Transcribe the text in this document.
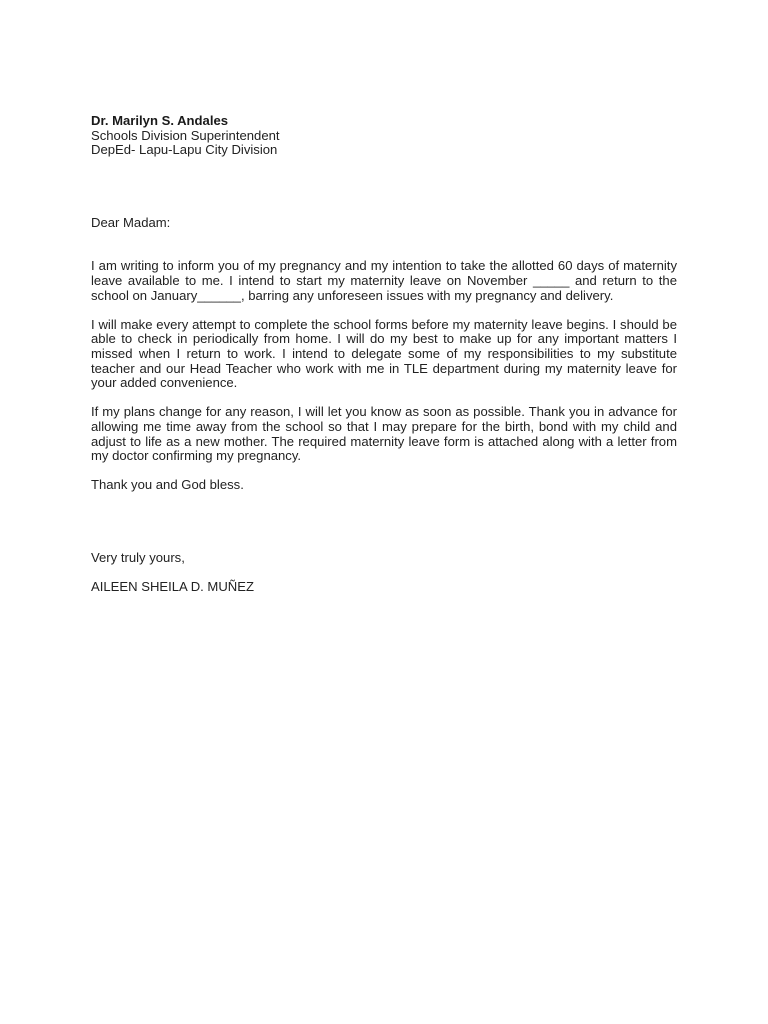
Dr. Marilyn S. Andales
Schools Division Superintendent
DepEd- Lapu-Lapu City Division
Dear Madam:

I am writing to inform you of my pregnancy and my intention to take the allotted 60 days of maternity leave available to me. I intend to start my maternity leave on November _____ and return to the school on January______, barring any unforeseen issues with my pregnancy and delivery.

I will make every attempt to complete the school forms before my maternity leave begins. I should be able to check in periodically from home. I will do my best to make up for any important matters I missed when I return to work. I intend to delegate some of my responsibilities to my substitute teacher and our Head Teacher who work with me in TLE department during my maternity leave for your added convenience.

If my plans change for any reason, I will let you know as soon as possible. Thank you in advance for allowing me time away from the school so that I may prepare for the birth, bond with my child and adjust to life as a new mother. The required maternity leave form is attached along with a letter from my doctor confirming my pregnancy.

Thank you and God bless.
Very truly yours,
AILEEN SHEILA D. MUÑEZ
